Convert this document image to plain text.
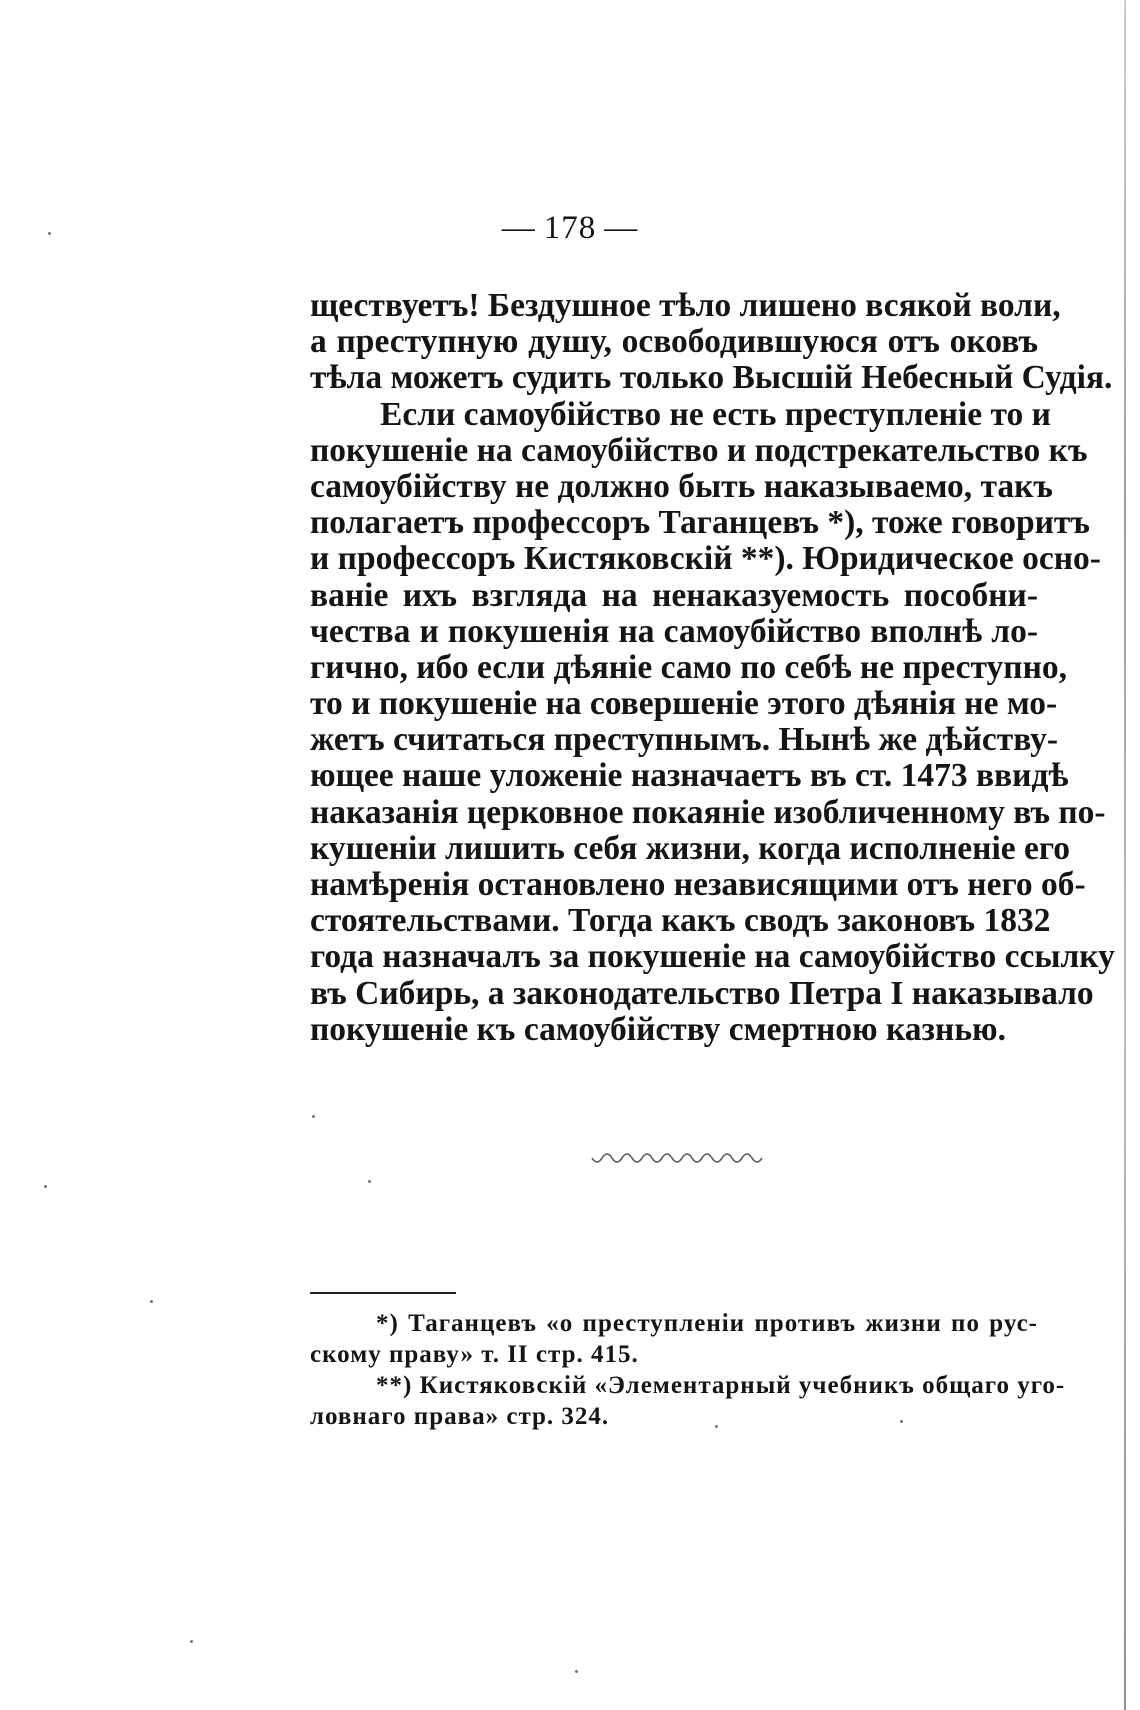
— 178 —
ществуетъ! Бездушное тѣло лишено всякой воли,
а преступную душу, освободившуюся отъ оковъ
тѣла можетъ судить только Высшій Небесный Судія.
Если самоубійство не есть преступленіе то и
покушеніе на самоубійство и подстрекательство къ
самоубійству не должно быть наказываемо, такъ
полагаетъ профессоръ Таганцевъ *), тоже говоритъ
и профессоръ Кистяковскій **). Юридическое осно-
ваніе ихъ взгляда на ненаказуемость пособни-
чества и покушенія на самоубійство вполнѣ ло-
гично, ибо если дѣяніе само по себѣ не преступно,
то и покушеніе на совершеніе этого дѣянія не мо-
жетъ считаться преступнымъ. Нынѣ же дѣйству-
ющее наше уложеніе назначаетъ въ ст. 1473 ввидѣ
наказанія церковное покаяніе изобличенному въ по-
кушеніи лишить себя жизни, когда исполненіе его
намѣренія остановлено независящими отъ него об-
стоятельствами. Тогда какъ сводъ законовъ 1832
года назначалъ за покушеніе на самоубійство ссылку
въ Сибирь, а законодательство Петра I наказывало
покушеніе къ самоубійству смертною казнью.
*) Таганцевъ «о преступленіи противъ жизни по рус-
скому праву» т. II стр. 415.
**) Кистяковскій «Элементарный учебникъ общаго уго-
ловнаго права» стр. 324.
